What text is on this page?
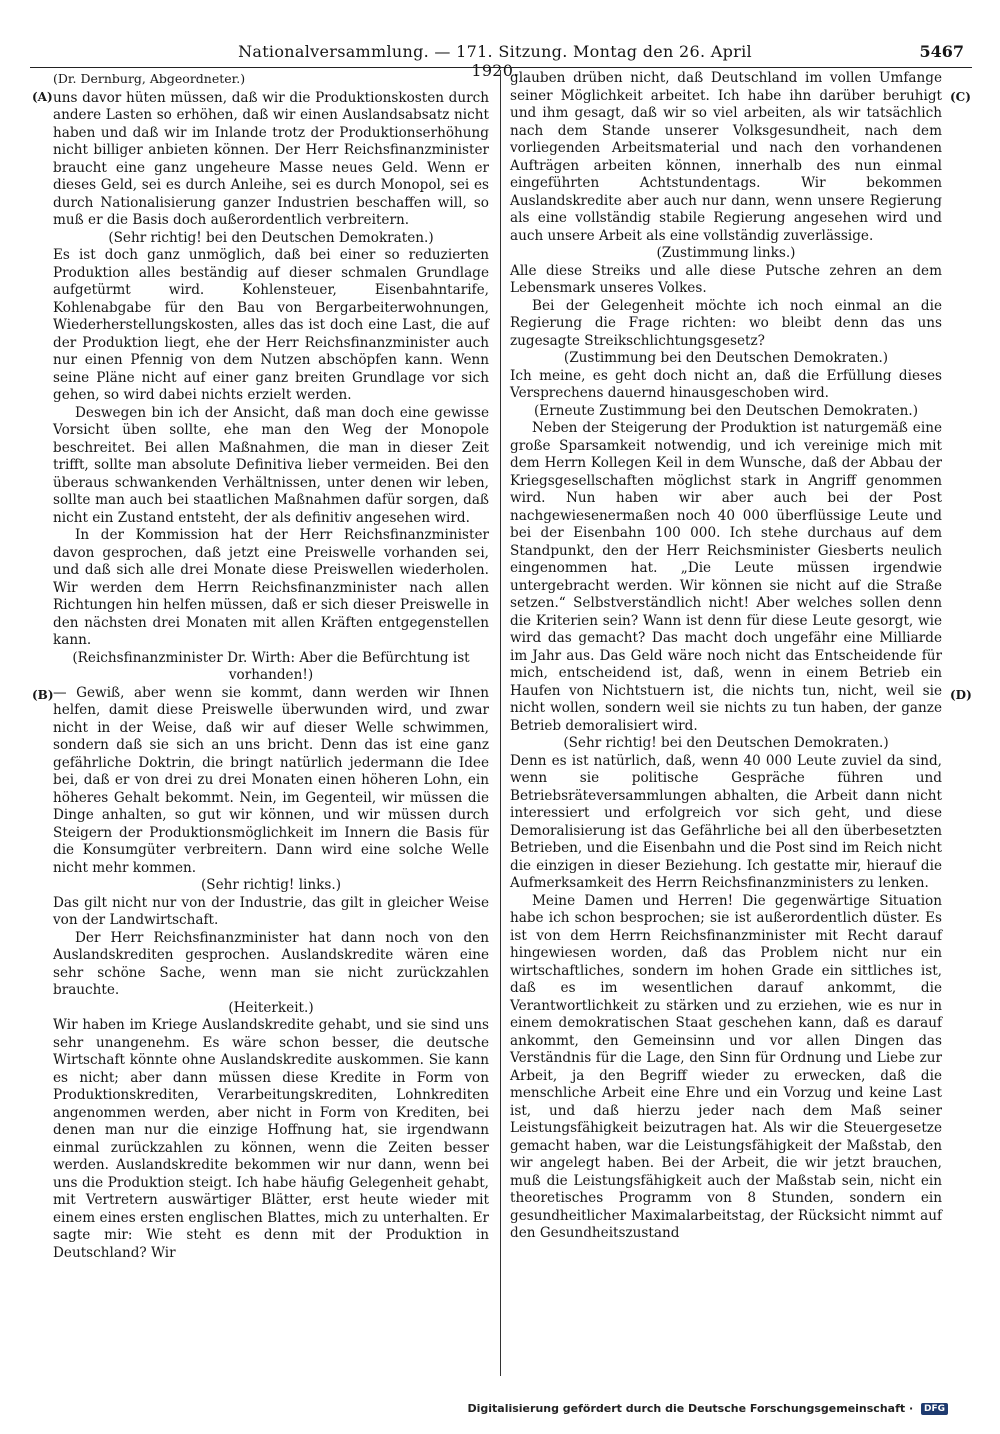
Nationalversammlung. — 171. Sitzung. Montag den 26. April 1920.
5467
(A)
(B)
(C)
(D)

(Dr. Dernburg, Abgeordneter.)

uns davor hüten müssen, daß wir die Produktionskosten durch andere Lasten so erhöhen, daß wir einen Auslandsabsatz nicht haben und daß wir im Inlande trotz der Produktionserhöhung nicht billiger anbieten können. Der Herr Reichsfinanzminister braucht eine ganz ungeheure Masse neues Geld. Wenn er dieses Geld, sei es durch Anleihe, sei es durch Monopol, sei es durch Nationalisierung ganzer Industrien beschaffen will, so muß er die Basis doch außerordentlich verbreitern.

(Sehr richtig! bei den Deutschen Demokraten.)

Es ist doch ganz unmöglich, daß bei einer so reduzierten Produktion alles beständig auf dieser schmalen Grundlage aufgetürmt wird. Kohlensteuer, Eisenbahntarife, Kohlenabgabe für den Bau von Bergarbeiterwohnungen, Wiederherstellungskosten, alles das ist doch eine Last, die auf der Produktion liegt, ehe der Herr Reichsfinanzminister auch nur einen Pfennig von dem Nutzen abschöpfen kann. Wenn seine Pläne nicht auf einer ganz breiten Grundlage vor sich gehen, so wird dabei nichts erzielt werden.

Deswegen bin ich der Ansicht, daß man doch eine gewisse Vorsicht üben sollte, ehe man den Weg der Monopole beschreitet. Bei allen Maßnahmen, die man in dieser Zeit trifft, sollte man absolute Definitiva lieber vermeiden. Bei den überaus schwankenden Verhältnissen, unter denen wir leben, sollte man auch bei staatlichen Maßnahmen dafür sorgen, daß nicht ein Zustand entsteht, der als definitiv angesehen wird.

In der Kommission hat der Herr Reichsfinanzminister davon gesprochen, daß jetzt eine Preiswelle vorhanden sei, und daß sich alle drei Monate diese Preiswellen wiederholen. Wir werden dem Herrn Reichsfinanzminister nach allen Richtungen hin helfen müssen, daß er sich dieser Preiswelle in den nächsten drei Monaten mit allen Kräften entgegenstellen kann.

(Reichsfinanzminister Dr. Wirth: Aber die Befürchtung ist vorhanden!)

— Gewiß, aber wenn sie kommt, dann werden wir Ihnen helfen, damit diese Preiswelle überwunden wird, und zwar nicht in der Weise, daß wir auf dieser Welle schwimmen, sondern daß sie sich an uns bricht. Denn das ist eine ganz gefährliche Doktrin, die bringt natürlich jedermann die Idee bei, daß er von drei zu drei Monaten einen höheren Lohn, ein höheres Gehalt bekommt. Nein, im Gegenteil, wir müssen die Dinge anhalten, so gut wir können, und wir müssen durch Steigern der Produktionsmöglichkeit im Innern die Basis für die Konsumgüter verbreitern. Dann wird eine solche Welle nicht mehr kommen.

(Sehr richtig! links.)

Das gilt nicht nur von der Industrie, das gilt in gleicher Weise von der Landwirtschaft.

Der Herr Reichsfinanzminister hat dann noch von den Auslandskrediten gesprochen. Auslandskredite wären eine sehr schöne Sache, wenn man sie nicht zurückzahlen brauchte.

(Heiterkeit.)

Wir haben im Kriege Auslandskredite gehabt, und sie sind uns sehr unangenehm. Es wäre schon besser, die deutsche Wirtschaft könnte ohne Auslandskredite auskommen. Sie kann es nicht; aber dann müssen diese Kredite in Form von Produktionskrediten, Verarbeitungskrediten, Lohnkrediten angenommen werden, aber nicht in Form von Krediten, bei denen man nur die einzige Hoffnung hat, sie irgendwann einmal zurückzahlen zu können, wenn die Zeiten besser werden. Auslandskredite bekommen wir nur dann, wenn bei uns die Produktion steigt. Ich habe häufig Gelegenheit gehabt, mit Vertretern auswärtiger Blätter, erst heute wieder mit einem eines ersten englischen Blattes, mich zu unterhalten. Er sagte mir: Wie steht es denn mit der Produktion in Deutschland? Wir

glauben drüben nicht, daß Deutschland im vollen Umfange seiner Möglichkeit arbeitet. Ich habe ihn darüber beruhigt und ihm gesagt, daß wir so viel arbeiten, als wir tatsächlich nach dem Stande unserer Volksgesundheit, nach dem vorliegenden Arbeitsmaterial und nach den vorhandenen Aufträgen arbeiten können, innerhalb des nun einmal eingeführten Achtstundentags. Wir bekommen Auslandskredite aber auch nur dann, wenn unsere Regierung als eine vollständig stabile Regierung angesehen wird und auch unsere Arbeit als eine vollständig zuverlässige.

(Zustimmung links.)

Alle diese Streiks und alle diese Putsche zehren an dem Lebensmark unseres Volkes.

Bei der Gelegenheit möchte ich noch einmal an die Regierung die Frage richten: wo bleibt denn das uns zugesagte Streikschlichtungsgesetz?

(Zustimmung bei den Deutschen Demokraten.)

Ich meine, es geht doch nicht an, daß die Erfüllung dieses Versprechens dauernd hinausgeschoben wird.

(Erneute Zustimmung bei den Deutschen Demokraten.)

Neben der Steigerung der Produktion ist naturgemäß eine große Sparsamkeit notwendig, und ich vereinige mich mit dem Herrn Kollegen Keil in dem Wunsche, daß der Abbau der Kriegsgesellschaften möglichst stark in Angriff genommen wird. Nun haben wir aber auch bei der Post nachgewiesenermaßen noch 40 000 überflüssige Leute und bei der Eisenbahn 100 000. Ich stehe durchaus auf dem Standpunkt, den der Herr Reichsminister Giesberts neulich eingenommen hat. „Die Leute müssen irgendwie untergebracht werden. Wir können sie nicht auf die Straße setzen.“ Selbstverständlich nicht! Aber welches sollen denn die Kriterien sein? Wann ist denn für diese Leute gesorgt, wie wird das gemacht? Das macht doch ungefähr eine Milliarde im Jahr aus. Das Geld wäre noch nicht das Entscheidende für mich, entscheidend ist, daß, wenn in einem Betrieb ein Haufen von Nichtstuern ist, die nichts tun, nicht, weil sie nicht wollen, sondern weil sie nichts zu tun haben, der ganze Betrieb demoralisiert wird.

(Sehr richtig! bei den Deutschen Demokraten.)

Denn es ist natürlich, daß, wenn 40 000 Leute zuviel da sind, wenn sie politische Gespräche führen und Betriebsräteversammlungen abhalten, die Arbeit dann nicht interessiert und erfolgreich vor sich geht, und diese Demoralisierung ist das Gefährliche bei all den überbesetzten Betrieben, und die Eisenbahn und die Post sind im Reich nicht die einzigen in dieser Beziehung. Ich gestatte mir, hierauf die Aufmerksamkeit des Herrn Reichsfinanzministers zu lenken.

Meine Damen und Herren! Die gegenwärtige Situation habe ich schon besprochen; sie ist außerordentlich düster. Es ist von dem Herrn Reichsfinanzminister mit Recht darauf hingewiesen worden, daß das Problem nicht nur ein wirtschaftliches, sondern im hohen Grade ein sittliches ist, daß es im wesentlichen darauf ankommt, die Verantwortlichkeit zu stärken und zu erziehen, wie es nur in einem demokratischen Staat geschehen kann, daß es darauf ankommt, den Gemeinsinn und vor allen Dingen das Verständnis für die Lage, den Sinn für Ordnung und Liebe zur Arbeit, ja den Begriff wieder zu erwecken, daß die menschliche Arbeit eine Ehre und ein Vorzug und keine Last ist, und daß hierzu jeder nach dem Maß seiner Leistungsfähigkeit beizutragen hat. Als wir die Steuergesetze gemacht haben, war die Leistungsfähigkeit der Maßstab, den wir angelegt haben. Bei der Arbeit, die wir jetzt brauchen, muß die Leistungsfähigkeit auch der Maßstab sein, nicht ein theoretisches Programm von 8 Stunden, sondern ein gesundheitlicher Maximalarbeitstag, der Rücksicht nimmt auf den Gesundheitszustand

Digitalisierung gefördert durch die Deutsche Forschungsgemeinschaft · DFG
